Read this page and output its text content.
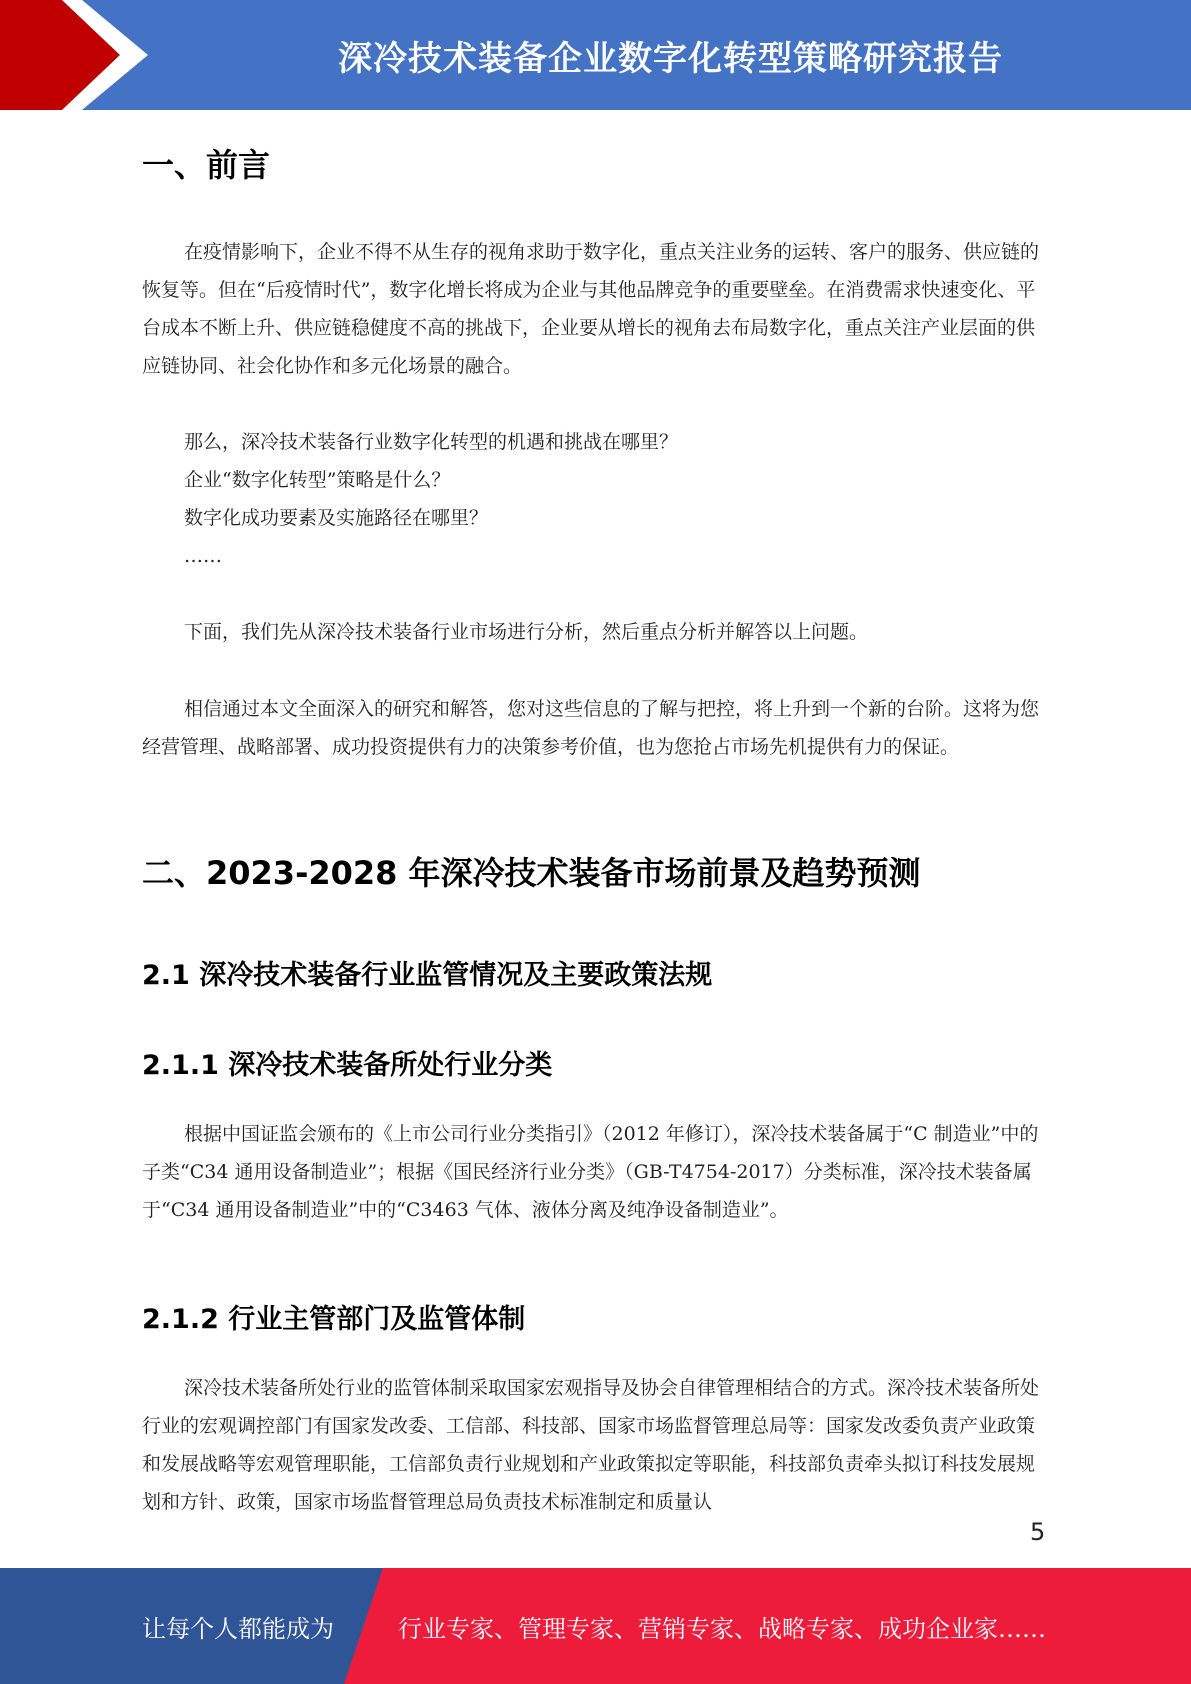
深冷技术装备企业数字化转型策略研究报告
一、前言

在疫情影响下，企业不得不从生存的视角求助于数字化，重点关注业务的运转、客户的服务、供应链的恢复等。但在“后疫情时代”，数字化增长将成为企业与其他品牌竞争的重要壁垒。在消费需求快速变化、平台成本不断上升、供应链稳健度不高的挑战下，企业要从增长的视角去布局数字化，重点关注产业层面的供应链协同、社会化协作和多元化场景的融合。

那么，深冷技术装备行业数字化转型的机遇和挑战在哪里？

企业“数字化转型”策略是什么？

数字化成功要素及实施路径在哪里？

……

下面，我们先从深冷技术装备行业市场进行分析，然后重点分析并解答以上问题。

相信通过本文全面深入的研究和解答，您对这些信息的了解与把控，将上升到一个新的台阶。这将为您经营管理、战略部署、成功投资提供有力的决策参考价值，也为您抢占市场先机提供有力的保证。

二、2023-2028 年深冷技术装备市场前景及趋势预测
2.1 深冷技术装备行业监管情况及主要政策法规
2.1.1 深冷技术装备所处行业分类

根据中国证监会颁布的《上市公司行业分类指引》（2012 年修订），深冷技术装备属于“C 制造业”中的子类“C34 通用设备制造业”；根据《国民经济行业分类》（GB-T4754-2017）分类标准，深冷技术装备属于“C34 通用设备制造业”中的“C3463 气体、液体分离及纯净设备制造业”。

2.1.2 行业主管部门及监管体制

深冷技术装备所处行业的监管体制采取国家宏观指导及协会自律管理相结合的方式。深冷技术装备所处行业的宏观调控部门有国家发改委、工信部、科技部、国家市场监督管理总局等：国家发改委负责产业政策和发展战略等宏观管理职能，工信部负责行业规划和产业政策拟定等职能，科技部负责牵头拟订科技发展规划和方针、政策，国家市场监督管理总局负责技术标准制定和质量认

5
让每个人都能成为	行业专家、管理专家、营销专家、战略专家、成功企业家……
